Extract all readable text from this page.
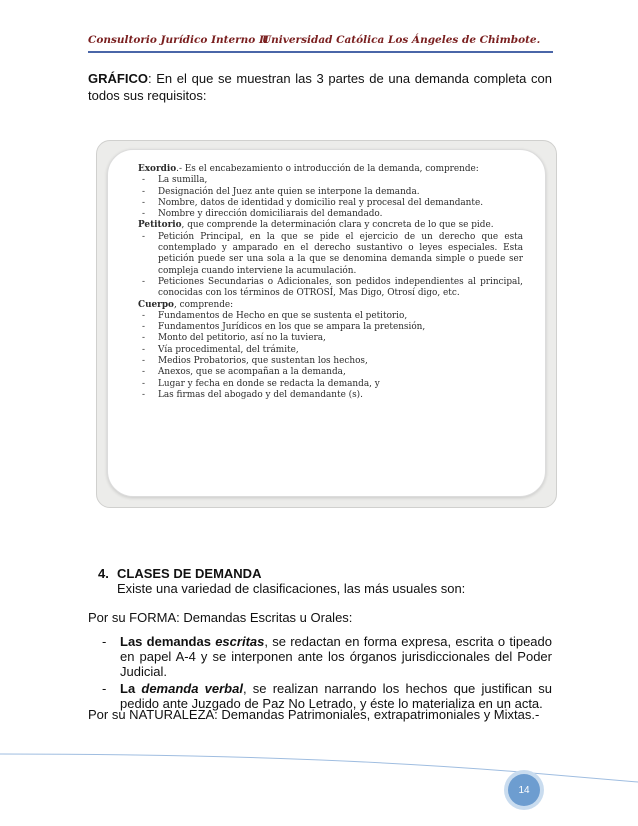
Consultorio Jurídico Interno II
Universidad Católica Los Ángeles de Chimbote.
GRÁFICO: En el que se muestran las 3 partes de una demanda completa con todos sus requisitos:
Exordio.- Es el encabezamiento o introducción de la demanda, comprende:
- La sumilla,
- Designación del Juez ante quien se interpone la demanda.
- Nombre, datos de identidad y domicilio real y procesal del demandante.
- Nombre y dirección domiciliarais del demandado.
Petitorio, que comprende la determinación clara y concreta de lo que se pide.
- Petición Principal, en la que se pide el ejercicio de un derecho que esta contemplado y amparado en el derecho sustantivo o leyes especiales. Esta petición puede ser una sola a la que se denomina demanda simple o puede ser compleja cuando interviene la acumulación.
- Peticiones Secundarias o Adicionales, son pedidos independientes al principal, conocidas con los términos de OTROSÍ, Mas Digo, Otrosí digo, etc.
Cuerpo, comprende:
- Fundamentos de Hecho en que se sustenta el petitorio,
- Fundamentos Jurídicos en los que se ampara la pretensión,
- Monto del petitorio, así no la tuviera,
- Vía procedimental, del trámite,
- Medios Probatorios, que sustentan los hechos,
- Anexos, que se acompañan a la demanda,
- Lugar y fecha en donde se redacta la demanda, y
- Las firmas del abogado y del demandante (s).
4. CLASES DE DEMANDA
Existe una variedad de clasificaciones, las más usuales son:
Por su FORMA: Demandas Escritas u Orales:
- Las demandas escritas, se redactan en forma expresa, escrita o tipeado en papel A-4 y se interponen ante los órganos jurisdiccionales del Poder Judicial.
- La demanda verbal, se realizan narrando los hechos que justifican su pedido ante Juzgado de Paz No Letrado, y éste lo materializa en un acta.
Por su NATURALEZA: Demandas Patrimoniales, extrapatrimoniales y Mixtas.-
14
